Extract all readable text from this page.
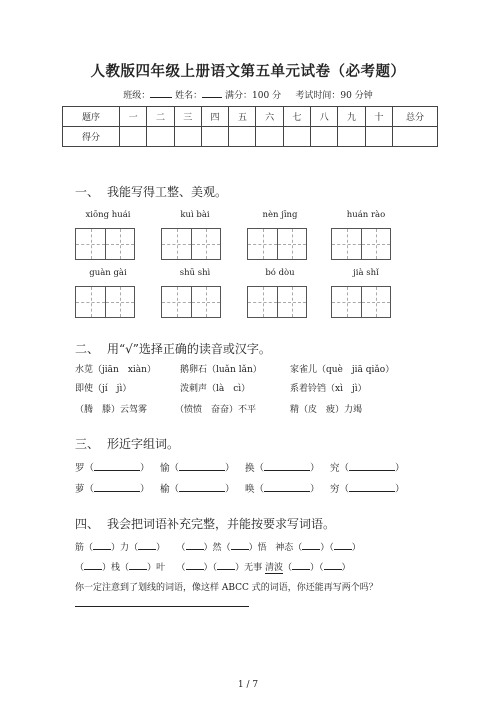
人教版四年级上册语文第五单元试卷（必考题）
班级：	姓名：	满分：100 分 考试时间：90 分钟
题序	一	二	三	四	五	六	七	八	九	十	总分
得分											
一、 我能写得工整、美观。
xiōng huái	kuì bài	nèn jīng	huán rào
guàn gài	shū shì	bó dòu	jià shǐ
二、 用“√”选择正确的读音或汉字。
水苋（jiān　xiàn）	鹅卵石（luǎn lǎn）	家雀儿（què　jiā qiǎo）
即使（jí　jì）	泼刺声（là　cì）	系着铃铛（xì　jì）
（腾　滕）云驾雾	（愤愤　奋奋）不平	精（皮　疲）力竭
三、 形近字组词。
罗（	） 愉（	） 换（	） 究（	）
萝（	） 榆（	） 唤（	） 穷（	）
四、 我会把词语补充完整，并能按要求写词语。
筋（ ）力（ ）    （ ）然（ ）悟 神态（ ）（ ）
（ ）栈（ ）叶    （ ）（ ）无事 清波（ ）（ ）
你一定注意到了划线的词语，像这样 ABCC 式的词语，你还能再写两个吗？
1 / 7
